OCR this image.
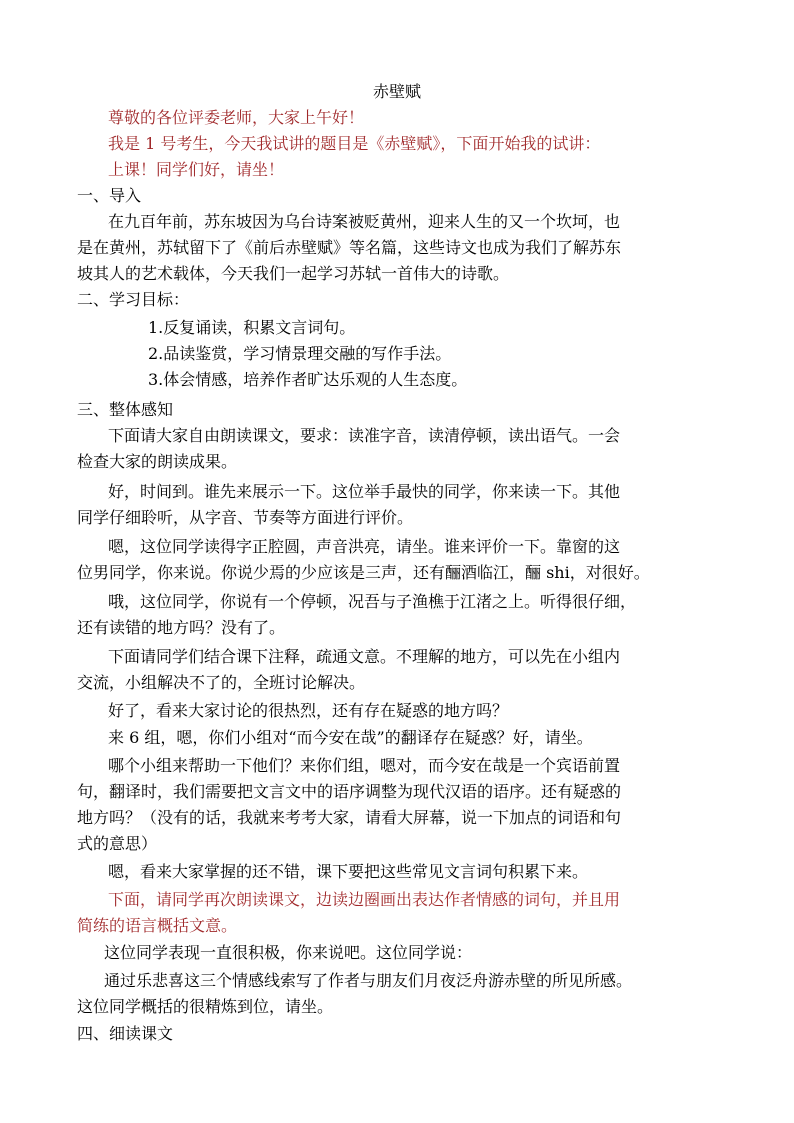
赤壁赋
尊敬的各位评委老师，大家上午好！
我是 1 号考生，今天我试讲的题目是《赤壁赋》，下面开始我的试讲：
上课！同学们好，请坐！
一、导入
在九百年前，苏东坡因为乌台诗案被贬黄州，迎来人生的又一个坎坷，也
是在黄州，苏轼留下了《前后赤壁赋》等名篇，这些诗文也成为我们了解苏东
坡其人的艺术载体，今天我们一起学习苏轼一首伟大的诗歌。
二、学习目标：
1.反复诵读，积累文言词句。
2.品读鉴赏，学习情景理交融的写作手法。
3.体会情感，培养作者旷达乐观的人生态度。
三、整体感知
下面请大家自由朗读课文，要求：读准字音，读清停顿，读出语气。一会
检查大家的朗读成果。
好，时间到。谁先来展示一下。这位举手最快的同学，你来读一下。其他
同学仔细聆听，从字音、节奏等方面进行评价。
嗯，这位同学读得字正腔圆，声音洪亮，请坐。谁来评价一下。靠窗的这
位男同学，你来说。你说少焉的少应该是三声，还有酾酒临江，酾 shi，对很好。
哦，这位同学，你说有一个停顿，况吾与子渔樵于江渚之上。听得很仔细，
还有读错的地方吗？没有了。
下面请同学们结合课下注释，疏通文意。不理解的地方，可以先在小组内
交流，小组解决不了的，全班讨论解决。
好了，看来大家讨论的很热烈，还有存在疑惑的地方吗？
来 6 组，嗯，你们小组对“而今安在哉”的翻译存在疑惑？好，请坐。
哪个小组来帮助一下他们？来你们组，嗯对，而今安在哉是一个宾语前置
句，翻译时，我们需要把文言文中的语序调整为现代汉语的语序。还有疑惑的
地方吗？（没有的话，我就来考考大家，请看大屏幕，说一下加点的词语和句
式的意思）
嗯，看来大家掌握的还不错，课下要把这些常见文言词句积累下来。
下面，请同学再次朗读课文，边读边圈画出表达作者情感的词句，并且用
简练的语言概括文意。
这位同学表现一直很积极，你来说吧。这位同学说：
通过乐悲喜这三个情感线索写了作者与朋友们月夜泛舟游赤壁的所见所感。
这位同学概括的很精炼到位，请坐。
四、细读课文
